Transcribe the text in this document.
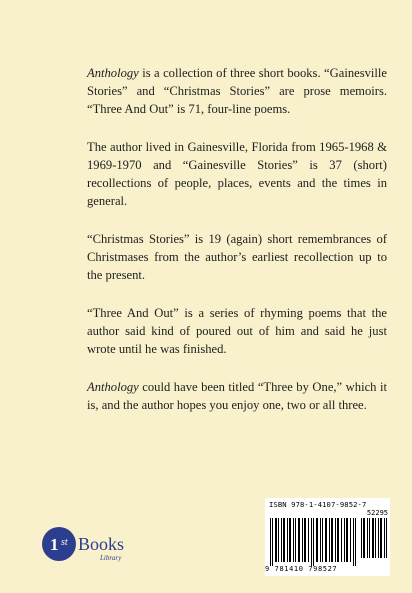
Anthology is a collection of three short books. “Gainesville Stories” and “Christmas Stories” are prose memoirs. “Three And Out” is 71, four-line poems.

The author lived in Gainesville, Florida from 1965-1968 & 1969-1970 and “Gainesville Stories” is 37 (short) recollections of people, places, events and the times in general.

“Christmas Stories” is 19 (again) short remembrances of Christmases from the author’s earliest recollection up to the present.

“Three And Out” is a series of rhyming poems that the author said kind of poured out of him and said he just wrote until he was finished.

Anthology could have been titled “Three by One,” which it is, and the author hopes you enjoy one, two or all three.

1 st Books
Library
1stBooks
ISBN 978-1-4107-9852-7
52295
9 781410 798527
